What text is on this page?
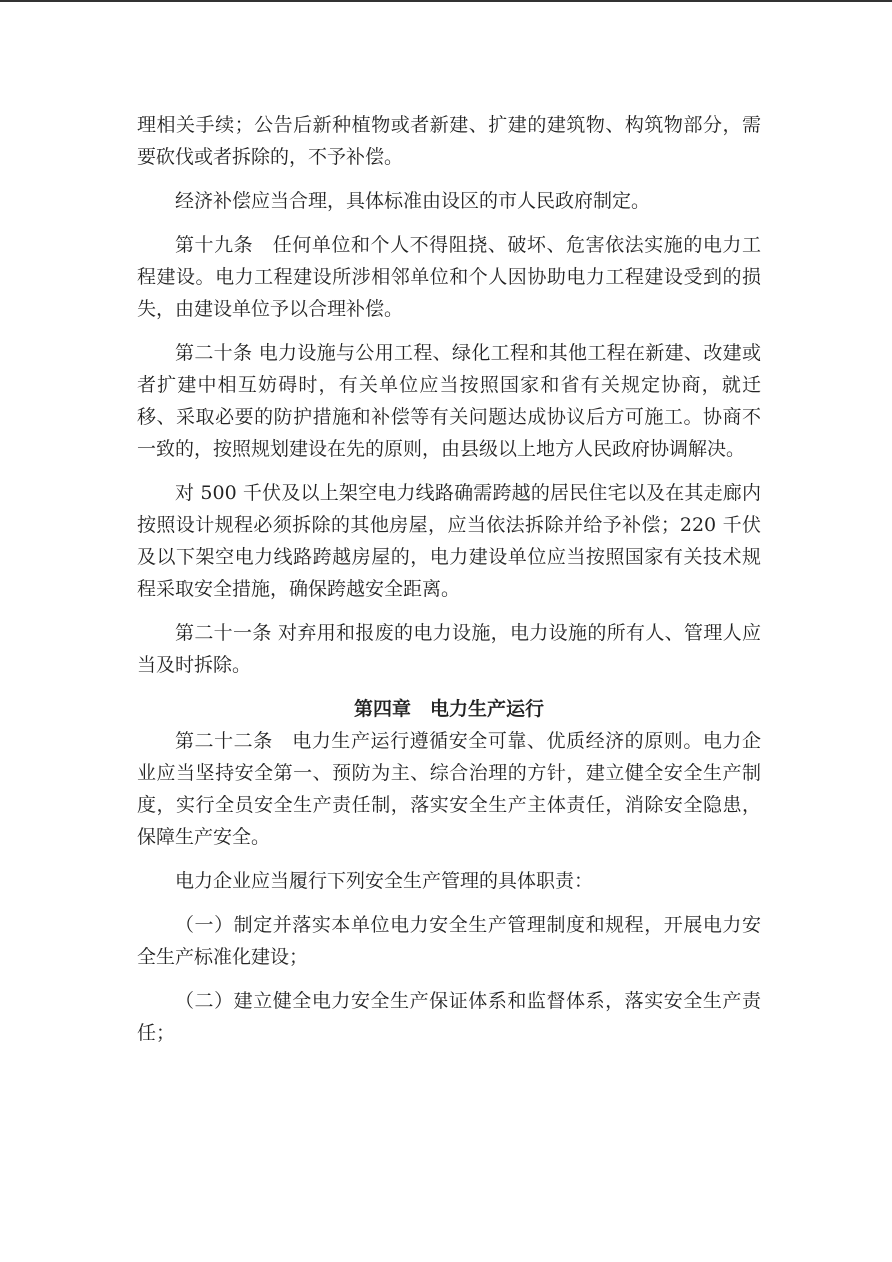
理相关手续；公告后新种植物或者新建、扩建的建筑物、构筑物部分，需要砍伐或者拆除的，不予补偿。

经济补偿应当合理，具体标准由设区的市人民政府制定。

第十九条　任何单位和个人不得阻挠、破坏、危害依法实施的电力工程建设。电力工程建设所涉相邻单位和个人因协助电力工程建设受到的损失，由建设单位予以合理补偿。

第二十条 电力设施与公用工程、绿化工程和其他工程在新建、改建或者扩建中相互妨碍时，有关单位应当按照国家和省有关规定协商，就迁移、采取必要的防护措施和补偿等有关问题达成协议后方可施工。协商不一致的，按照规划建设在先的原则，由县级以上地方人民政府协调解决。

对 500 千伏及以上架空电力线路确需跨越的居民住宅以及在其走廊内按照设计规程必须拆除的其他房屋，应当依法拆除并给予补偿；220 千伏及以下架空电力线路跨越房屋的，电力建设单位应当按照国家有关技术规程采取安全措施，确保跨越安全距离。

第二十一条 对弃用和报废的电力设施，电力设施的所有人、管理人应当及时拆除。

第四章 电力生产运行

第二十二条　电力生产运行遵循安全可靠、优质经济的原则。电力企业应当坚持安全第一、预防为主、综合治理的方针，建立健全安全生产制度，实行全员安全生产责任制，落实安全生产主体责任，消除安全隐患，保障生产安全。

电力企业应当履行下列安全生产管理的具体职责：

（一）制定并落实本单位电力安全生产管理制度和规程，开展电力安全生产标准化建设；

（二）建立健全电力安全生产保证体系和监督体系，落实安全生产责任；
